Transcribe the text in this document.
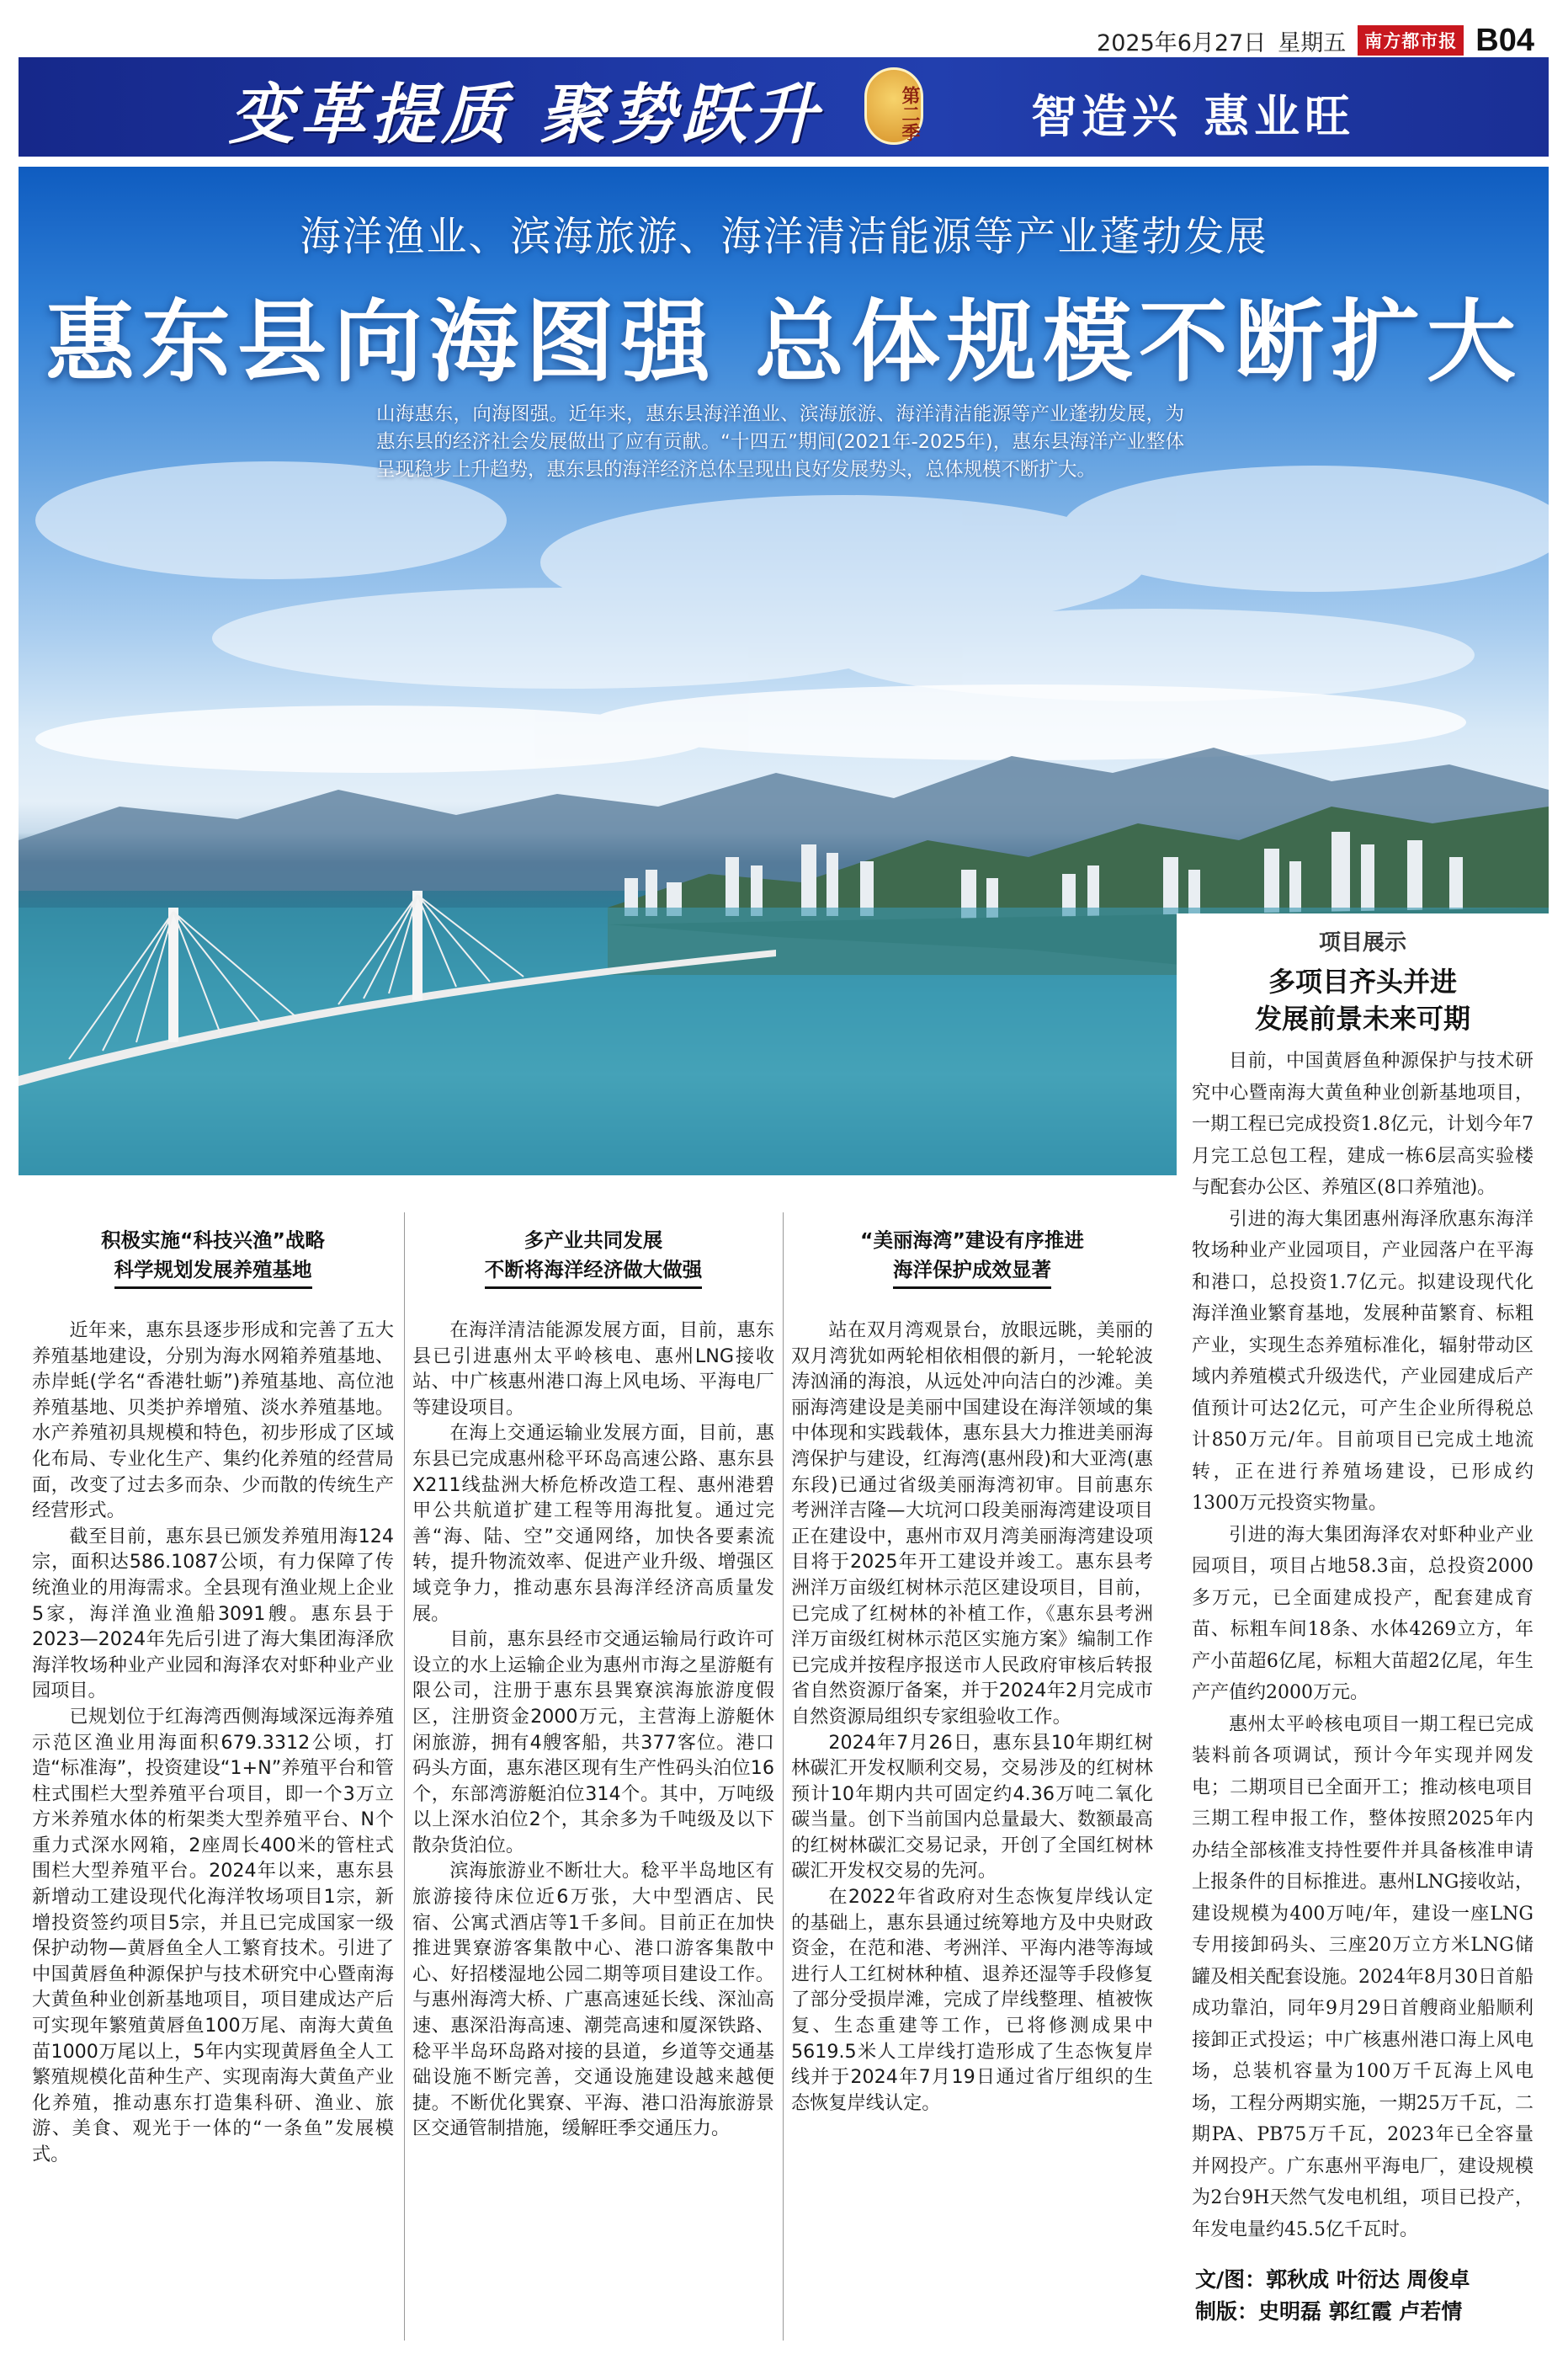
2025年6月27日 星期五	南方都市报 B04
变革提质 聚势跃升	第二季 智造兴 惠业旺
海洋渔业、滨海旅游、海洋清洁能源等产业蓬勃发展
惠东县向海图强 总体规模不断扩大
山海惠东，向海图强。近年来，惠东县海洋渔业、滨海旅游、海洋清洁能源等产业蓬勃发展，为惠东县的经济社会发展做出了应有贡献。“十四五”期间(2021年-2025年)，惠东县海洋产业整体呈现稳步上升趋势，惠东县的海洋经济总体呈现出良好发展势头，总体规模不断扩大。
项目展示
多项目齐头并进
发展前景未来可期

目前，中国黄唇鱼种源保护与技术研究中心暨南海大黄鱼种业创新基地项目，一期工程已完成投资1.8亿元，计划今年7月完工总包工程，建成一栋6层高实验楼与配套办公区、养殖区(8口养殖池)。

引进的海大集团惠州海泽欣惠东海洋牧场种业产业园项目，产业园落户在平海和港口，总投资1.7亿元。拟建设现代化海洋渔业繁育基地，发展种苗繁育、标粗产业，实现生态养殖标准化，辐射带动区域内养殖模式升级迭代，产业园建成后产值预计可达2亿元，可产生企业所得税总计850万元/年。目前项目已完成土地流转，正在进行养殖场建设，已形成约1300万元投资实物量。

引进的海大集团海泽农对虾种业产业园项目，项目占地58.3亩，总投资2000多万元，已全面建成投产，配套建成育苗、标粗车间18条、水体4269立方，年产小苗超6亿尾，标粗大苗超2亿尾，年生产产值约2000万元。

惠州太平岭核电项目一期工程已完成装料前各项调试，预计今年实现并网发电；二期项目已全面开工；推动核电项目三期工程申报工作，整体按照2025年内办结全部核准支持性要件并具备核准申请上报条件的目标推进。惠州LNG接收站，建设规模为400万吨/年，建设一座LNG专用接卸码头、三座20万立方米LNG储罐及相关配套设施。2024年8月30日首船成功靠泊，同年9月29日首艘商业船顺利接卸正式投运；中广核惠州港口海上风电场，总装机容量为100万千瓦海上风电场，工程分两期实施，一期25万千瓦，二期PA、PB75万千瓦，2023年已全容量并网投产。广东惠州平海电厂，建设规模为2台9H天然气发电机组，项目已投产，年发电量约45.5亿千瓦时。

文/图：郭秋成 叶衍达 周俊卓
制版：史明磊 郭红霞 卢若情
积极实施“科技兴渔”战略
科学规划发展养殖基地

近年来，惠东县逐步形成和完善了五大养殖基地建设，分别为海水网箱养殖基地、赤岸蚝(学名“香港牡蛎”)养殖基地、高位池养殖基地、贝类护养增殖、淡水养殖基地。水产养殖初具规模和特色，初步形成了区域化布局、专业化生产、集约化养殖的经营局面，改变了过去多而杂、少而散的传统生产经营形式。

截至目前，惠东县已颁发养殖用海124宗，面积达586.1087公顷，有力保障了传统渔业的用海需求。全县现有渔业规上企业5家，海洋渔业渔船3091艘。惠东县于2023—2024年先后引进了海大集团海泽欣海洋牧场种业产业园和海泽农对虾种业产业园项目。

已规划位于红海湾西侧海域深远海养殖示范区渔业用海面积679.3312公顷，打造“标准海”，投资建设“1+N”养殖平台和管柱式围栏大型养殖平台项目，即一个3万立方米养殖水体的桁架类大型养殖平台、N个重力式深水网箱，2座周长400米的管柱式围栏大型养殖平台。2024年以来，惠东县新增动工建设现代化海洋牧场项目1宗，新增投资签约项目5宗，并且已完成国家一级保护动物—黄唇鱼全人工繁育技术。引进了中国黄唇鱼种源保护与技术研究中心暨南海大黄鱼种业创新基地项目，项目建成达产后可实现年繁殖黄唇鱼100万尾、南海大黄鱼苗1000万尾以上，5年内实现黄唇鱼全人工繁殖规模化苗种生产、实现南海大黄鱼产业化养殖，推动惠东打造集科研、渔业、旅游、美食、观光于一体的“一条鱼”发展模式。

多产业共同发展
不断将海洋经济做大做强

在海洋清洁能源发展方面，目前，惠东县已引进惠州太平岭核电、惠州LNG接收站、中广核惠州港口海上风电场、平海电厂等建设项目。

在海上交通运输业发展方面，目前，惠东县已完成惠州稔平环岛高速公路、惠东县X211线盐洲大桥危桥改造工程、惠州港碧甲公共航道扩建工程等用海批复。通过完善“海、陆、空”交通网络，加快各要素流转，提升物流效率、促进产业升级、增强区域竞争力，推动惠东县海洋经济高质量发展。

目前，惠东县经市交通运输局行政许可设立的水上运输企业为惠州市海之星游艇有限公司，注册于惠东县巽寮滨海旅游度假区，注册资金2000万元，主营海上游艇休闲旅游，拥有4艘客船，共377客位。港口码头方面，惠东港区现有生产性码头泊位16个，东部湾游艇泊位314个。其中，万吨级以上深水泊位2个，其余多为千吨级及以下散杂货泊位。

滨海旅游业不断壮大。稔平半岛地区有旅游接待床位近6万张，大中型酒店、民宿、公寓式酒店等1千多间。目前正在加快推进巽寮游客集散中心、港口游客集散中心、好招楼湿地公园二期等项目建设工作。与惠州海湾大桥、广惠高速延长线、深汕高速、惠深沿海高速、潮莞高速和厦深铁路、稔平半岛环岛路对接的县道，乡道等交通基础设施不断完善，交通设施建设越来越便捷。不断优化巽寮、平海、港口沿海旅游景区交通管制措施，缓解旺季交通压力。

“美丽海湾”建设有序推进
海洋保护成效显著

站在双月湾观景台，放眼远眺，美丽的双月湾犹如两轮相依相偎的新月，一轮轮波涛汹涌的海浪，从远处冲向洁白的沙滩。美丽海湾建设是美丽中国建设在海洋领域的集中体现和实践载体，惠东县大力推进美丽海湾保护与建设，红海湾(惠州段)和大亚湾(惠东段)已通过省级美丽海湾初审。目前惠东考洲洋吉隆—大坑河口段美丽海湾建设项目正在建设中，惠州市双月湾美丽海湾建设项目将于2025年开工建设并竣工。惠东县考洲洋万亩级红树林示范区建设项目，目前，已完成了红树林的补植工作，《惠东县考洲洋万亩级红树林示范区实施方案》编制工作已完成并按程序报送市人民政府审核后转报省自然资源厅备案，并于2024年2月完成市自然资源局组织专家组验收工作。

2024年7月26日，惠东县10年期红树林碳汇开发权顺利交易，交易涉及的红树林预计10年期内共可固定约4.36万吨二氧化碳当量。创下当前国内总量最大、数额最高的红树林碳汇交易记录，开创了全国红树林碳汇开发权交易的先河。

在2022年省政府对生态恢复岸线认定的基础上，惠东县通过统筹地方及中央财政资金，在范和港、考洲洋、平海内港等海域进行人工红树林种植、退养还湿等手段修复了部分受损岸滩，完成了岸线整理、植被恢复、生态重建等工作，已将修测成果中5619.5米人工岸线打造形成了生态恢复岸线并于2024年7月19日通过省厅组织的生态恢复岸线认定。
